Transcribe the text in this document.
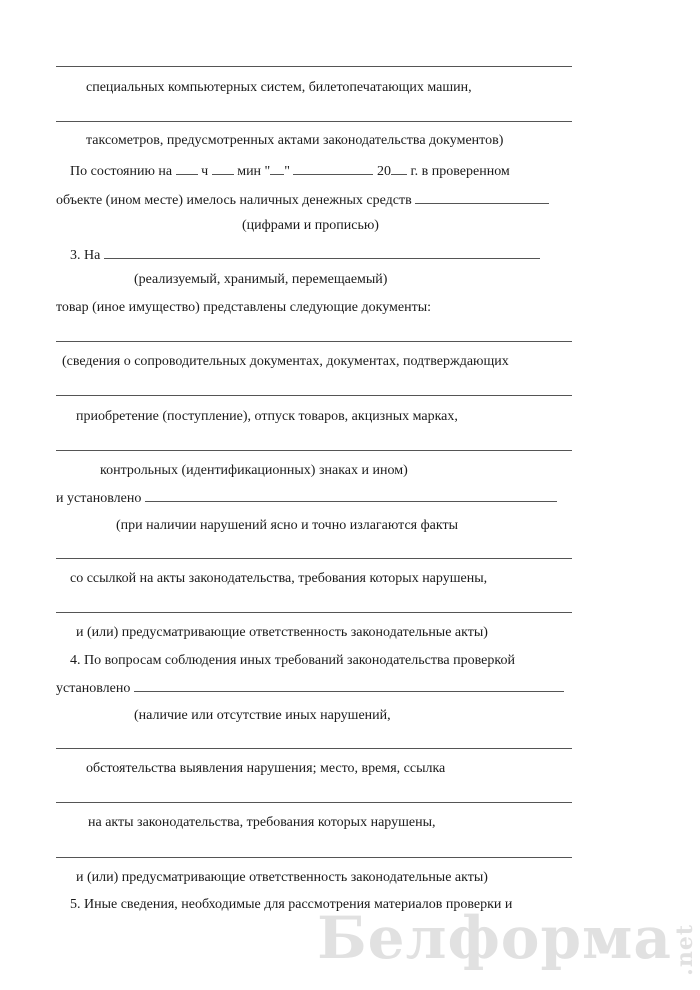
специальных компьютерных систем, билетопечатающих машин,
таксометров, предусмотренных актами законодательства документов)
По состоянию на ч мин " "	20 г. в проверенном
объекте (ином месте) имелось наличных денежных средств
(цифрами и прописью)
3. На
(реализуемый, хранимый, перемещаемый)
товар (иное имущество) представлены следующие документы:
(сведения о сопроводительных документах, документах, подтверждающих
приобретение (поступление), отпуск товаров, акцизных марках,
контрольных (идентификационных) знаках и ином)
и установлено
(при наличии нарушений ясно и точно излагаются факты
со ссылкой на акты законодательства, требования которых нарушены,
и (или) предусматривающие ответственность законодательные акты)
4. По вопросам соблюдения иных требований законодательства проверкой
установлено
(наличие или отсутствие иных нарушений,
обстоятельства выявления нарушения; место, время, ссылка
на акты законодательства, требования которых нарушены,
и (или) предусматривающие ответственность законодательные акты)
5. Иные сведения, необходимые для рассмотрения материалов проверки и
Белформа .net
